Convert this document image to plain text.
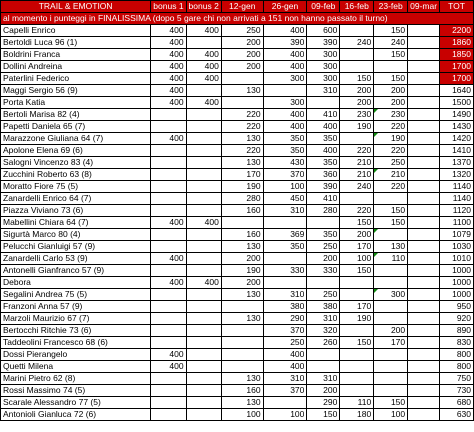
TRAIL & EMOTION	bonus 1	bonus 2	12-gen	26-gen	09-feb	16-feb	23-feb	09-mar	TOT
al momento i punteggi in FINALISSIMA (dopo 5 gare chi non arrivati a 151 non hanno passato il turno)									
Capelli Enrico	400	400	250	400	600		150		2200
Bertoldi Luca 96 (1)	400		200	390	390	240	240		1860
Boldrini Franca	400	400	200	400	300		150		1850
Dollini Andreina	400	400	200	400	300				1700
Paterlini Federico	400	400		300	300	150	150		1700
Maggi Sergio 56 (9)	400		130		310	200	200		1640
Porta Katia	400	400		300		200	200		1500
Bertoli Marisa 82 (4)			220	400	410	230	230		1490
Papetti Daniela 65 (7)			220	400	400	190	220		1430
Marazzone Giuliana 64 (7)	400		130	350	350		190		1420
Apolone Elena 69 (6)			220	350	400	220	220		1410
Salogni Vincenzo 83 (4)			130	430	350	210	250		1370
Zucchini Roberto 63 (8)			170	370	360	210	210		1320
Moratto Fiore 75 (5)			190	100	390	240	220		1140
Zanardelli Enrico 64 (7)			280	450	410				1140
Piazza Viviano 73 (6)			160	310	280	220	150		1120
Mabellini Chiara 64 (7)	400	400				150	150		1100
Sigurtà Marco 80 (4)			160	369	350	200			1079
Pelucchi Gianluigi 57 (9)			130	350	250	170	130		1030
Zanardelli Carlo 53 (9)	400		200		200	100	110		1010
Antonelli Gianfranco 57 (9)			190	330	330	150			1000
Debora	400	400	200						1000
Segalini Andrea 75 (5)			130	310	250		300		1000
Franzoni Anna 57 (9)				380	380	170			950
Marzoli Maurizio 67 (7)			130	290	310	190			920
Bertocchi Ritchie 73 (6)				370	320		200		890
Taddeolini Francesco 68 (6)				250	260	150	170		830
Dossi Pierangelo	400			400					800
Quetti Milena	400			400					800
Marini Pietro 62 (8)			130	310	310				750
Rossi Massimo 74 (5)			160	370	200				730
Scarale Alessandro 77 (5)			130		290	110	150		680
Antonioli Gianluca 72 (6)			100	100	150	180	100		630
